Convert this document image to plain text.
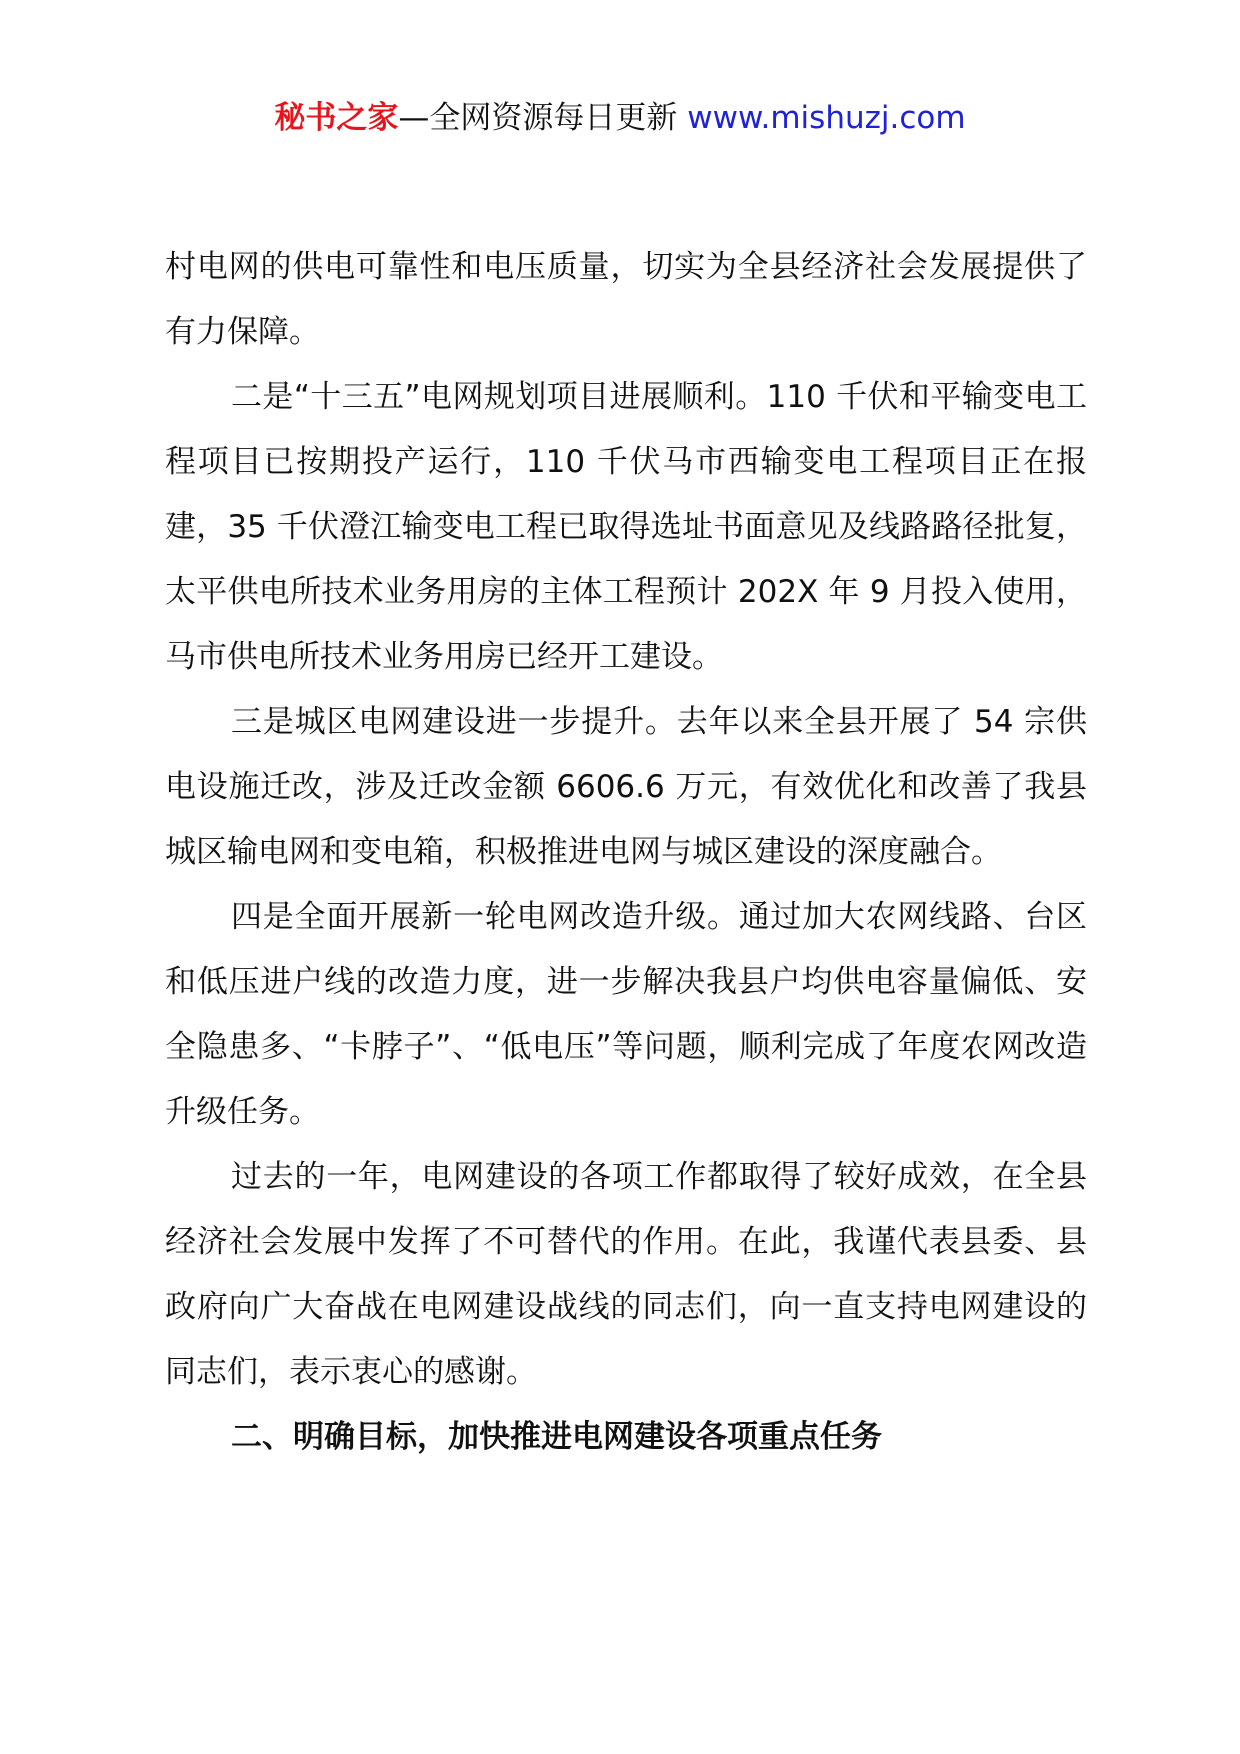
秘书之家—全网资源每日更新 www.mishuzj.com

村电网的供电可靠性和电压质量，切实为全县经济社会发展提供了有力保障。

二是“十三五”电网规划项目进展顺利。110 千伏和平输变电工程项目已按期投产运行，110 千伏马市西输变电工程项目正在报建，35 千伏澄江输变电工程已取得选址书面意见及线路路径批复，太平供电所技术业务用房的主体工程预计 202X 年 9 月投入使用，马市供电所技术业务用房已经开工建设。

三是城区电网建设进一步提升。去年以来全县开展了 54 宗供电设施迁改，涉及迁改金额 6606.6 万元，有效优化和改善了我县城区输电网和变电箱，积极推进电网与城区建设的深度融合。

四是全面开展新一轮电网改造升级。通过加大农网线路、台区和低压进户线的改造力度，进一步解决我县户均供电容量偏低、安全隐患多、“卡脖子”、“低电压”等问题，顺利完成了年度农网改造升级任务。

过去的一年，电网建设的各项工作都取得了较好成效，在全县经济社会发展中发挥了不可替代的作用。在此，我谨代表县委、县政府向广大奋战在电网建设战线的同志们，向一直支持电网建设的同志们，表示衷心的感谢。

二、明确目标，加快推进电网建设各项重点任务
